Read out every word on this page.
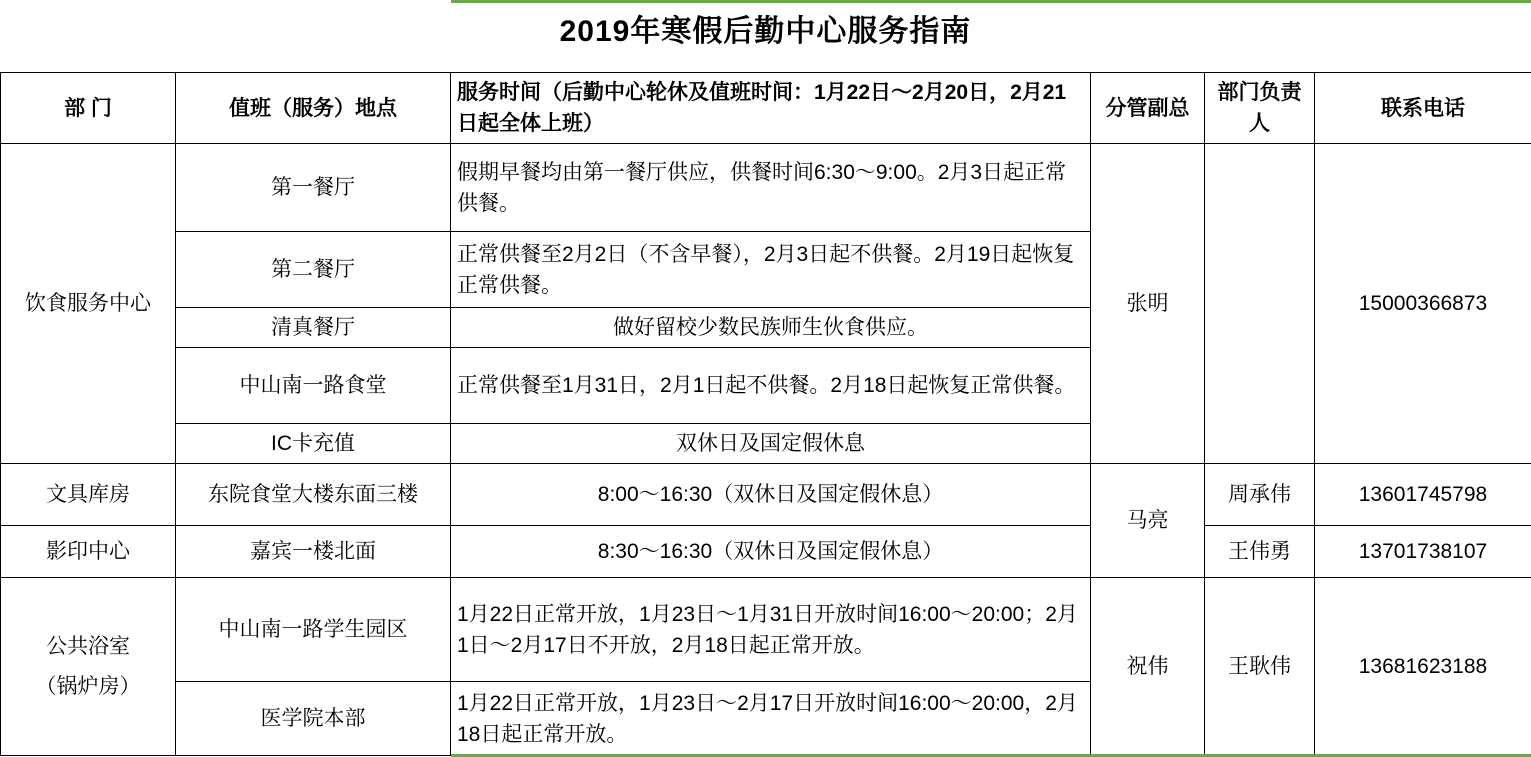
2019年寒假后勤中心服务指南
部 门	值班（服务）地点	服务时间（后勤中心轮休及值班时间：1月22日～2月20日，2月21日起全体上班）	分管副总	部门负责人	联系电话
饮食服务中心	第一餐厅	假期早餐均由第一餐厅供应，供餐时间6:30～9:00。2月3日起正常供餐。	张明		15000366873
	第二餐厅	正常供餐至2月2日（不含早餐），2月3日起不供餐。2月19日起恢复正常供餐。			
	清真餐厅	做好留校少数民族师生伙食供应。			
	中山南一路食堂	正常供餐至1月31日，2月1日起不供餐。2月18日起恢复正常供餐。			
	IC卡充值	双休日及国定假休息			
文具库房	东院食堂大楼东面三楼	8:00～16:30（双休日及国定假休息）	马亮	周承伟	13601745798
影印中心	嘉宾一楼北面	8:30～16:30（双休日及国定假休息）		王伟勇	13701738107

公共浴室
（锅炉房）	中山南一路学生园区	1月22日正常开放，1月23日～1月31日开放时间16:00～20:00；2月1日～2月17日不开放，2月18日起正常开放。	祝伟	王耿伟	13681623188
	医学院本部	1月22日正常开放，1月23日～2月17日开放时间16:00～20:00，2月18日起正常开放。			
